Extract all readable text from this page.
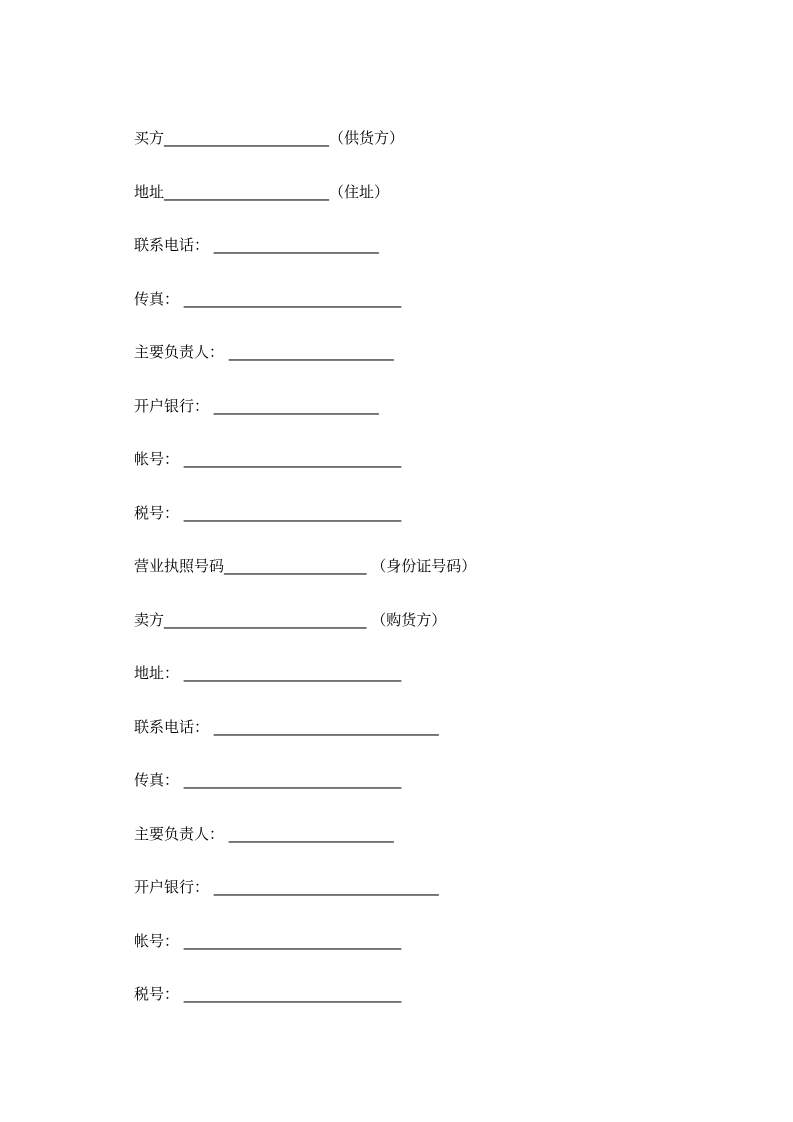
买方______________________（供货方）

地址______________________（住址）

联系电话： ______________________

传真： _____________________________

主要负责人： ______________________

开户银行： ______________________

帐号： _____________________________

税号： _____________________________

营业执照号码___________________ （身份证号码）

卖方___________________________ （购货方）

地址： _____________________________

联系电话： ______________________________

传真： _____________________________

主要负责人： ______________________

开户银行： ______________________________

帐号： _____________________________

税号： _____________________________
